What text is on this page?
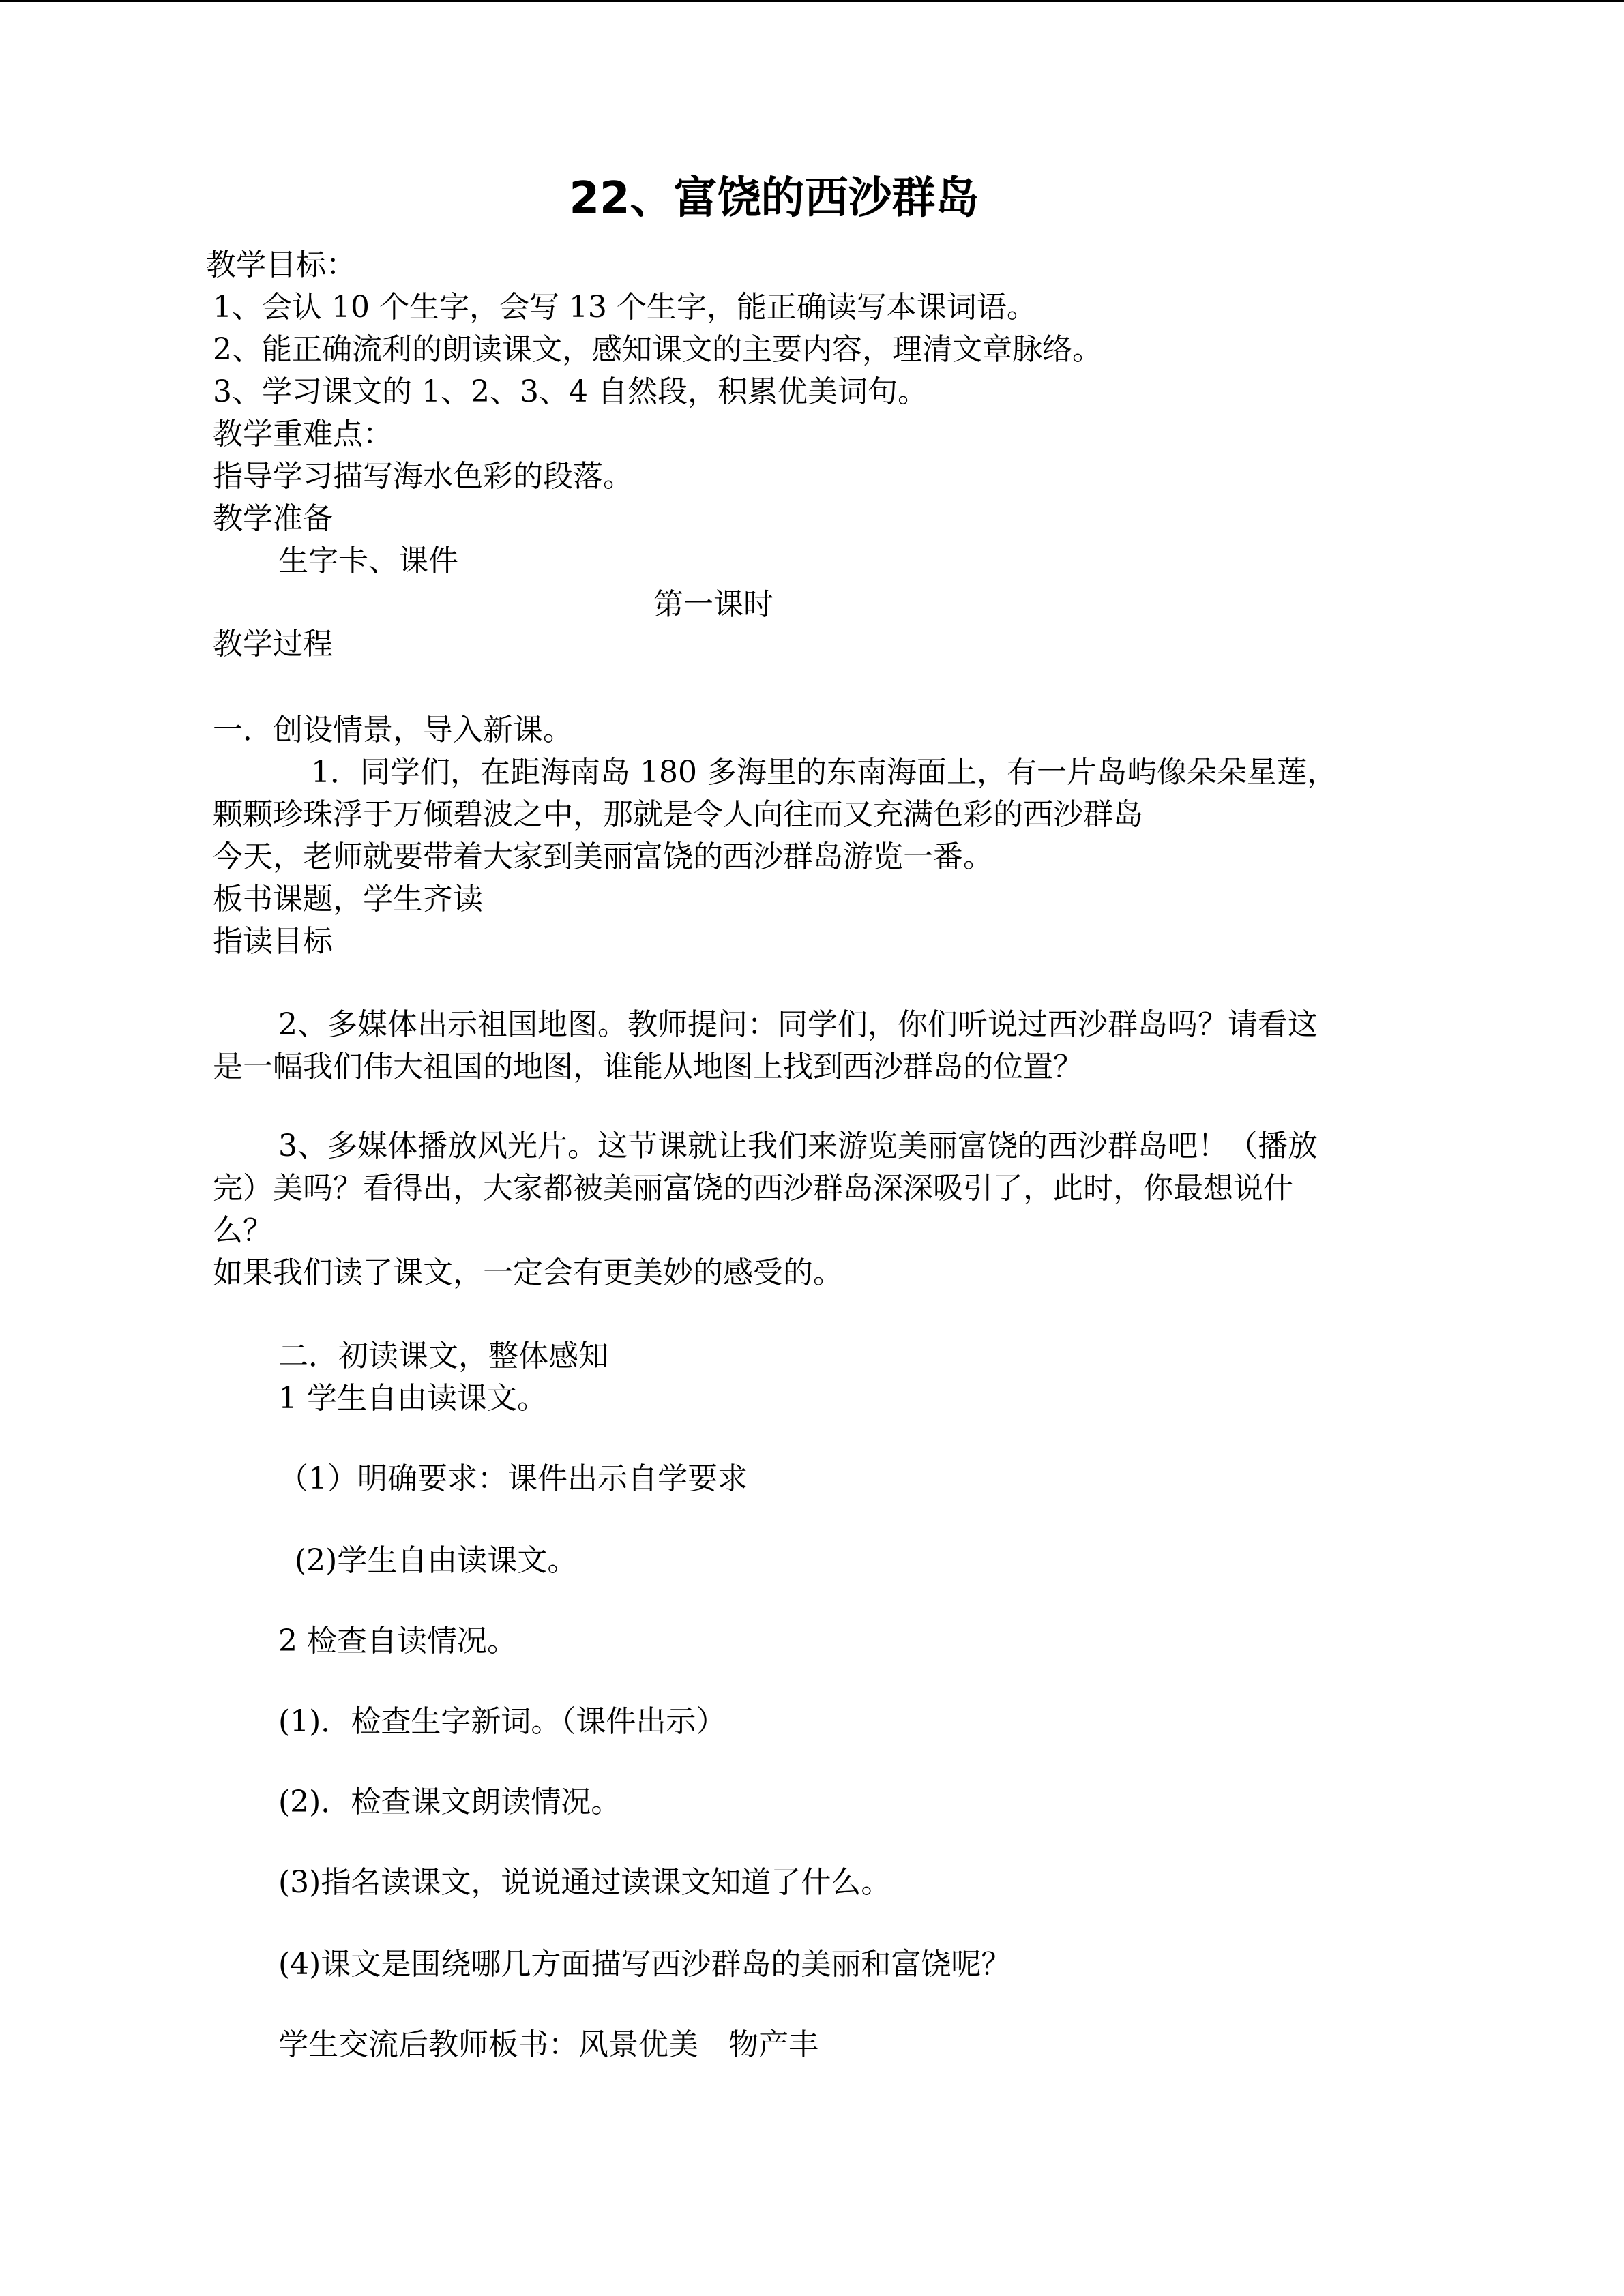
22、富饶的西沙群岛
教学目标：
1、会认 10 个生字，会写 13 个生字，能正确读写本课词语。
2、能正确流利的朗读课文，感知课文的主要内容，理清文章脉络。
3、学习课文的 1、2、3、4 自然段，积累优美词句。
教学重难点：
指导学习描写海水色彩的段落。
教学准备
生字卡、课件
第一课时
教学过程
一．创设情景，导入新课。
1．同学们，在距海南岛 180 多海里的东南海面上，有一片岛屿像朵朵星莲，
颗颗珍珠浮于万倾碧波之中，那就是令人向往而又充满色彩的西沙群岛
今天，老师就要带着大家到美丽富饶的西沙群岛游览一番。
板书课题，学生齐读
指读目标
2、多媒体出示祖国地图。教师提问：同学们，你们听说过西沙群岛吗？请看这
是一幅我们伟大祖国的地图，谁能从地图上找到西沙群岛的位置？
3、多媒体播放风光片。这节课就让我们来游览美丽富饶的西沙群岛吧！（播放
完）美吗？看得出，大家都被美丽富饶的西沙群岛深深吸引了，此时，你最想说什
么？
如果我们读了课文，一定会有更美妙的感受的。
二．初读课文，整体感知
1 学生自由读课文。
（1）明确要求：课件出示自学要求
(2)学生自由读课文。
2 检查自读情况。
(1)．检查生字新词。（课件出示）
(2)．检查课文朗读情况。
(3)指名读课文，说说通过读课文知道了什么。
(4)课文是围绕哪几方面描写西沙群岛的美丽和富饶呢？
学生交流后教师板书：风景优美　物产丰
